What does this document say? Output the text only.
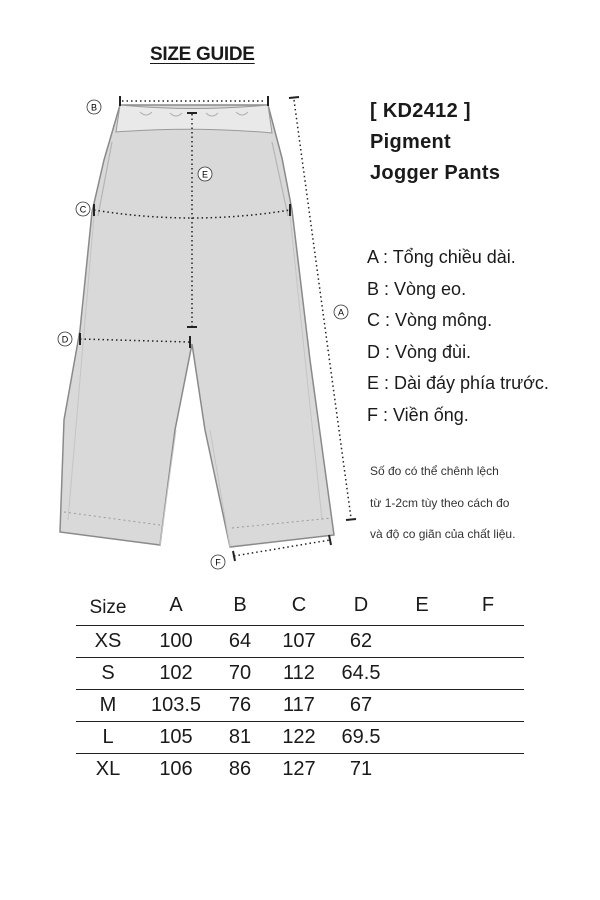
SIZE GUIDE
B
C
D
E
A
F
[ KD2412 ]
Pigment
Jogger Pants
A : Tổng chiều dài.
B : Vòng eo.
C : Vòng mông.
D : Vòng đùi.
E : Dài đáy phía trước.
F : Viền ống.
Số đo có thể chênh lệch
từ 1-2cm tùy theo cách đo
và độ co giãn của chất liệu.
Size	A	B	C	D	E	F
XS	100	64	107	62		
S	102	70	112	64.5		
M	103.5	76	117	67		
L	105	81	122	69.5		
XL	106	86	127	71		
